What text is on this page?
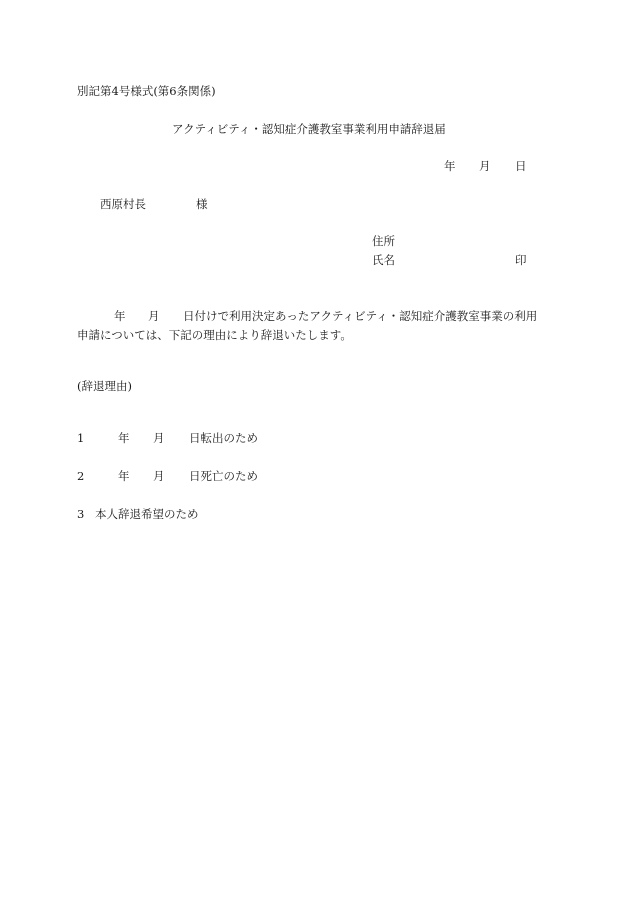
別記第4号様式(第6条関係)
アクティビティ・認知症介護教室事業利用申請辞退届
年 月 日
西原村長	様
住所
氏名	印
年 月 日付けで利用決定あったアクティビティ・認知症介護教室事業の利用
申請については、下記の理由により辞退いたします。
(辞退理由)
1	年 月 日転出のため
2	年 月 日死亡のため
3 本人辞退希望のため
